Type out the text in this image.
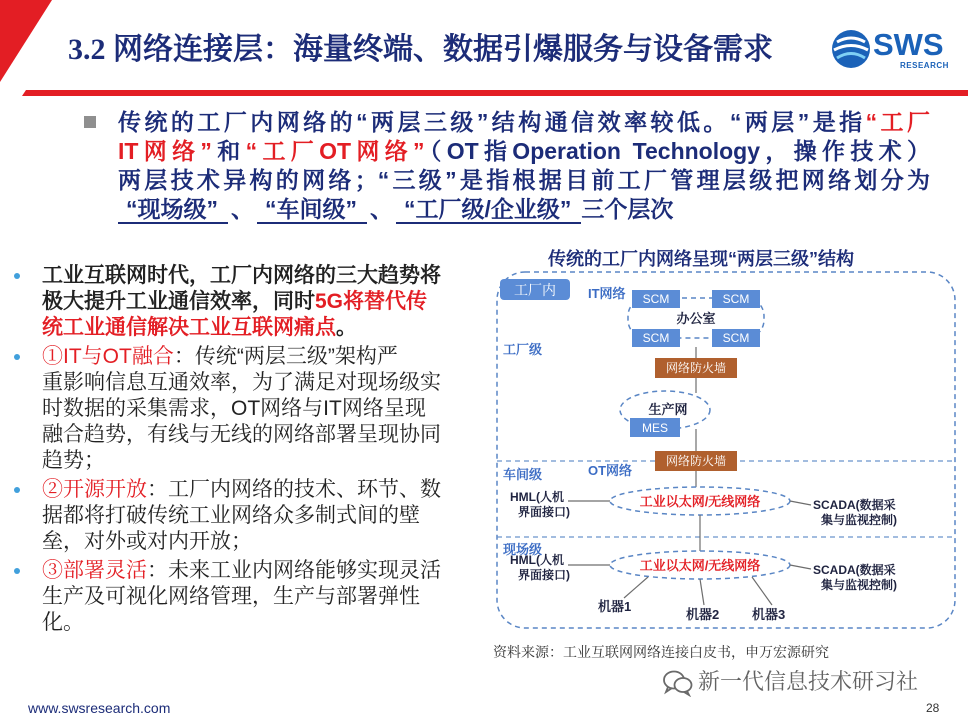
3.2 网络连接层：海量终端、数据引爆服务与设备需求	SWS
RESEARCH
传统的工厂内网络的“两层三级”结构通信效率较低。“两层”是指“工厂
IT网络”和“工厂OT网络”（OT指Operation Technology，操作技术）
两层技术异构的网络；“三级”是指根据目前工厂管理层级把网络划分为
“现场级” 、 “车间级” 、 “工厂级/企业级” 三个层次
工业互联网时代，工厂内网络的三大趋势将
极大提升工业通信效率，同时5G将替代传
统工业通信解决工业互联网痛点。
①IT与OT融合：传统“两层三级”架构严
重影响信息互通效率，为了满足对现场级实
时数据的采集需求，OT网络与IT网络呈现
融合趋势，有线与无线的网络部署呈现协同
趋势；
②开源开放：工厂内网络的技术、环节、数
据都将打破传统工业网络众多制式间的壁
垒，对外或对内开放；
③部署灵活：未来工业内网络能够实现灵活
生产及可视化网络管理，生产与部署弹性
化。
传统的工厂内网络呈现“两层三级”结构
工厂内 IT网络
工厂级
车间级	OT网络
现场级
SCM	SCM
SCM	SCM
办公室
网络防火墙
生产网
MES
网络防火墙
HML(人机
界面接口)
工业以太网/无线网络	SCADA(数据采
集与监视控制)
HML(人机
界面接口)
工业以太网/无线网络	SCADA(数据采
集与监视控制)
机器1
机器2	机器3
资料来源：工业互联网网络连接白皮书，申万宏源研究
新一代信息技术研习社
www.swsresearch.com	28
